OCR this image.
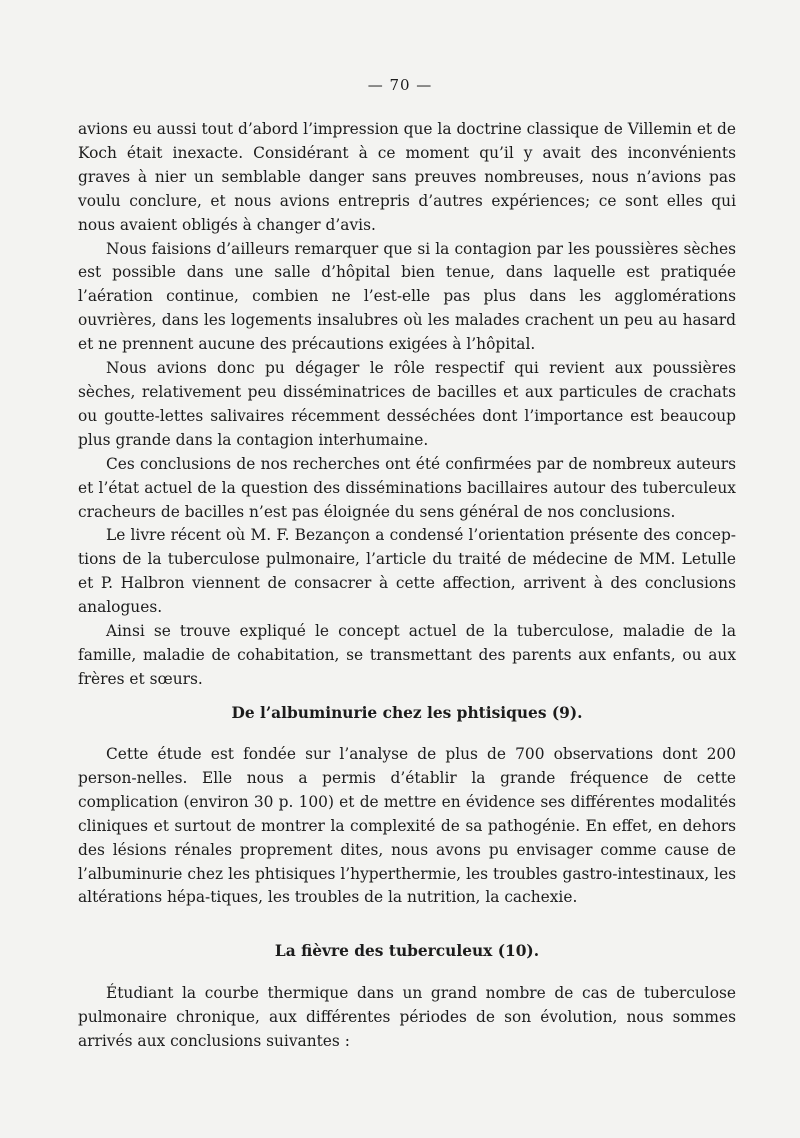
— 70 —

avions eu aussi tout d’abord l’impression que la doctrine classique de Villemin et de Koch était inexacte. Considérant à ce moment qu’il y avait des inconvénients graves à nier un semblable danger sans preuves nombreuses, nous n’avions pas voulu conclure, et nous avions entrepris d’autres expériences; ce sont elles qui nous avaient obligés à changer d’avis.

Nous faisions d’ailleurs remarquer que si la contagion par les poussières sèches est possible dans une salle d’hôpital bien tenue, dans laquelle est pratiquée l’aération continue, combien ne l’est-elle pas plus dans les agglomérations ouvrières, dans les logements insalubres où les malades crachent un peu au hasard et ne prennent aucune des précautions exigées à l’hôpital.

Nous avions donc pu dégager le rôle respectif qui revient aux poussières sèches, relativement peu disséminatrices de bacilles et aux particules de crachats ou goutte-lettes salivaires récemment desséchées dont l’importance est beaucoup plus grande dans la contagion interhumaine.

Ces conclusions de nos recherches ont été confirmées par de nombreux auteurs et l’état actuel de la question des disséminations bacillaires autour des tuberculeux cracheurs de bacilles n’est pas éloignée du sens général de nos conclusions.

Le livre récent où M. F. Bezançon a condensé l’orientation présente des concep-tions de la tuberculose pulmonaire, l’article du traité de médecine de MM. Letulle et P. Halbron viennent de consacrer à cette affection, arrivent à des conclusions analogues.

Ainsi se trouve expliqué le concept actuel de la tuberculose, maladie de la famille, maladie de cohabitation, se transmettant des parents aux enfants, ou aux frères et sœurs.

De l’albuminurie chez les phtisiques (9).

Cette étude est fondée sur l’analyse de plus de 700 observations dont 200 person-nelles. Elle nous a permis d’établir la grande fréquence de cette complication (environ 30 p. 100) et de mettre en évidence ses différentes modalités cliniques et surtout de montrer la complexité de sa pathogénie. En effet, en dehors des lésions rénales proprement dites, nous avons pu envisager comme cause de l’albuminurie chez les phtisiques l’hyperthermie, les troubles gastro-intestinaux, les altérations hépa-tiques, les troubles de la nutrition, la cachexie.

La fièvre des tuberculeux (10).

Étudiant la courbe thermique dans un grand nombre de cas de tuberculose pulmonaire chronique, aux différentes périodes de son évolution, nous sommes arrivés aux conclusions suivantes :
